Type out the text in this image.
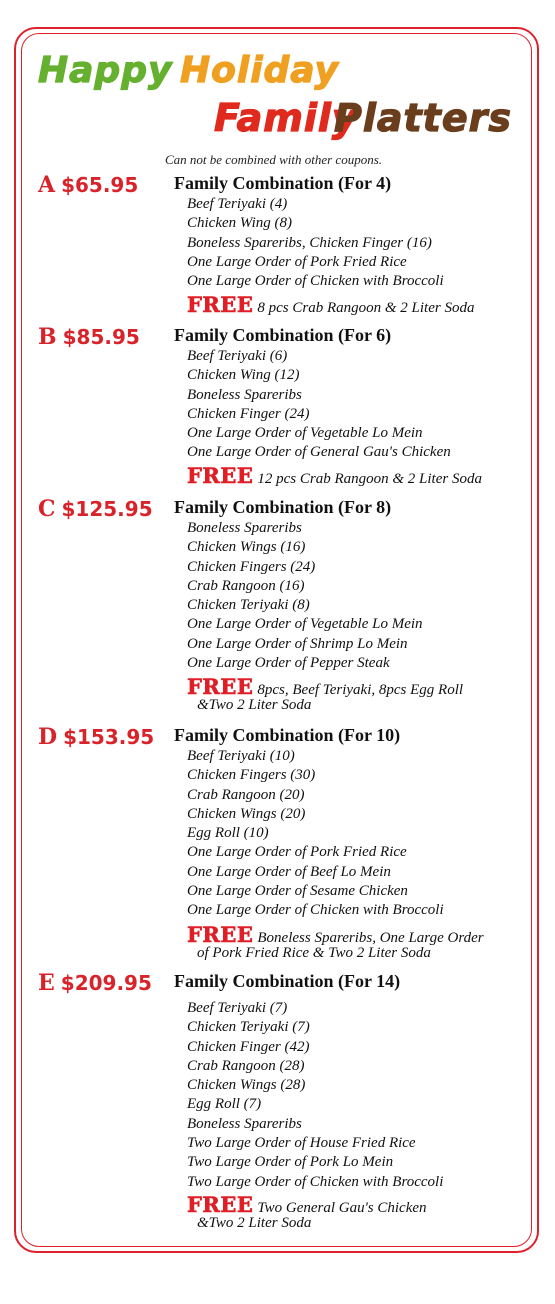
Happy Holiday
Family
Platters
Can not be combined with other coupons.
A $65.95 Family Combination (For 4)
Beef Teriyaki (4)
Chicken Wing (8)
Boneless Spareribs, Chicken Finger (16)
One Large Order of Pork Fried Rice
One Large Order of Chicken with Broccoli
FREE 8 pcs Crab Rangoon & 2 Liter Soda
B $85.95 Family Combination (For 6)
Beef Teriyaki (6)
Chicken Wing (12)
Boneless Spareribs
Chicken Finger (24)
One Large Order of Vegetable Lo Mein
One Large Order of General Gau's Chicken
FREE 12 pcs Crab Rangoon & 2 Liter Soda
C $125.95 Family Combination (For 8)
Boneless Spareribs
Chicken Wings (16)
Chicken Fingers (24)
Crab Rangoon (16)
Chicken Teriyaki (8)
One Large Order of Vegetable Lo Mein
One Large Order of Shrimp Lo Mein
One Large Order of Pepper Steak
FREE 8pcs, Beef Teriyaki, 8pcs Egg Roll
&Two 2 Liter Soda
D $153.95 Family Combination (For 10)
Beef Teriyaki (10)
Chicken Fingers (30)
Crab Rangoon (20)
Chicken Wings (20)
Egg Roll (10)
One Large Order of Pork Fried Rice
One Large Order of Beef Lo Mein
One Large Order of Sesame Chicken
One Large Order of Chicken with Broccoli
FREE Boneless Spareribs, One Large Order
of Pork Fried Rice & Two 2 Liter Soda
E $209.95 Family Combination (For 14)
Beef Teriyaki (7)
Chicken Teriyaki (7)
Chicken Finger (42)
Crab Rangoon (28)
Chicken Wings (28)
Egg Roll (7)
Boneless Spareribs
Two Large Order of House Fried Rice
Two Large Order of Pork Lo Mein
Two Large Order of Chicken with Broccoli
FREE Two General Gau's Chicken
&Two 2 Liter Soda
